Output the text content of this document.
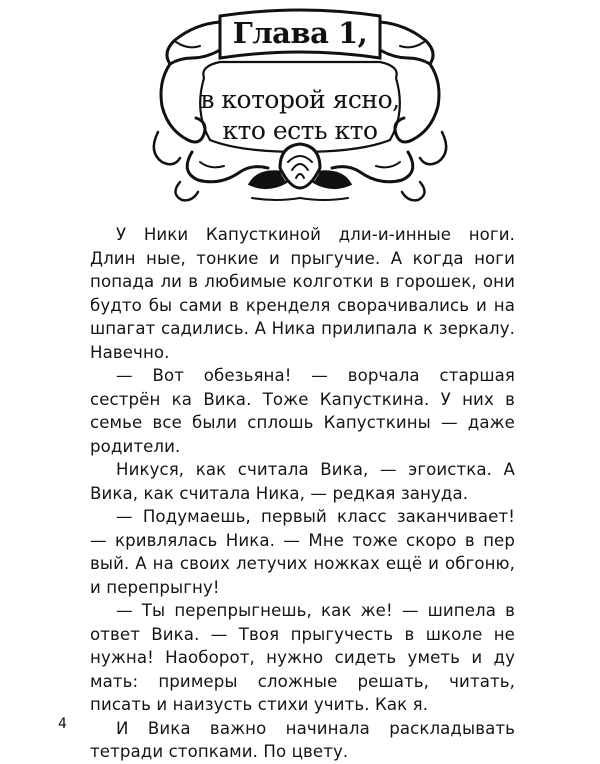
Глава 1,
в которой ясно,
кто есть кто

У Ники Капусткиной дли-и-инные ноги. Длин ные, тонкие и прыгучие. А когда ноги попада ли в любимые колготки в горошек, они будто бы сами в кренделя сворачивались и на шпагат садились. А Ника прилипала к зеркалу. Навечно.

— Вот обезьяна! — ворчала старшая сестрён ка Вика. Тоже Капусткина. У них в семье все были сплошь Капусткины — даже родители.

Никуся, как считала Вика, — эгоистка. А Вика, как считала Ника, — редкая зануда.

— Подумаешь, первый класс заканчивает! — кривлялась Ника. — Мне тоже скоро в пер вый. А на своих летучих ножках ещё и обгоню, и перепрыгну!

— Ты перепрыгнешь, как же! — шипела в ответ Вика. — Твоя прыгучесть в школе не нужна! Наоборот, нужно сидеть уметь и ду мать: примеры сложные решать, читать, писать и наизусть стихи учить. Как я.

И Вика важно начинала раскладывать тетради стопками. По цвету.

4
